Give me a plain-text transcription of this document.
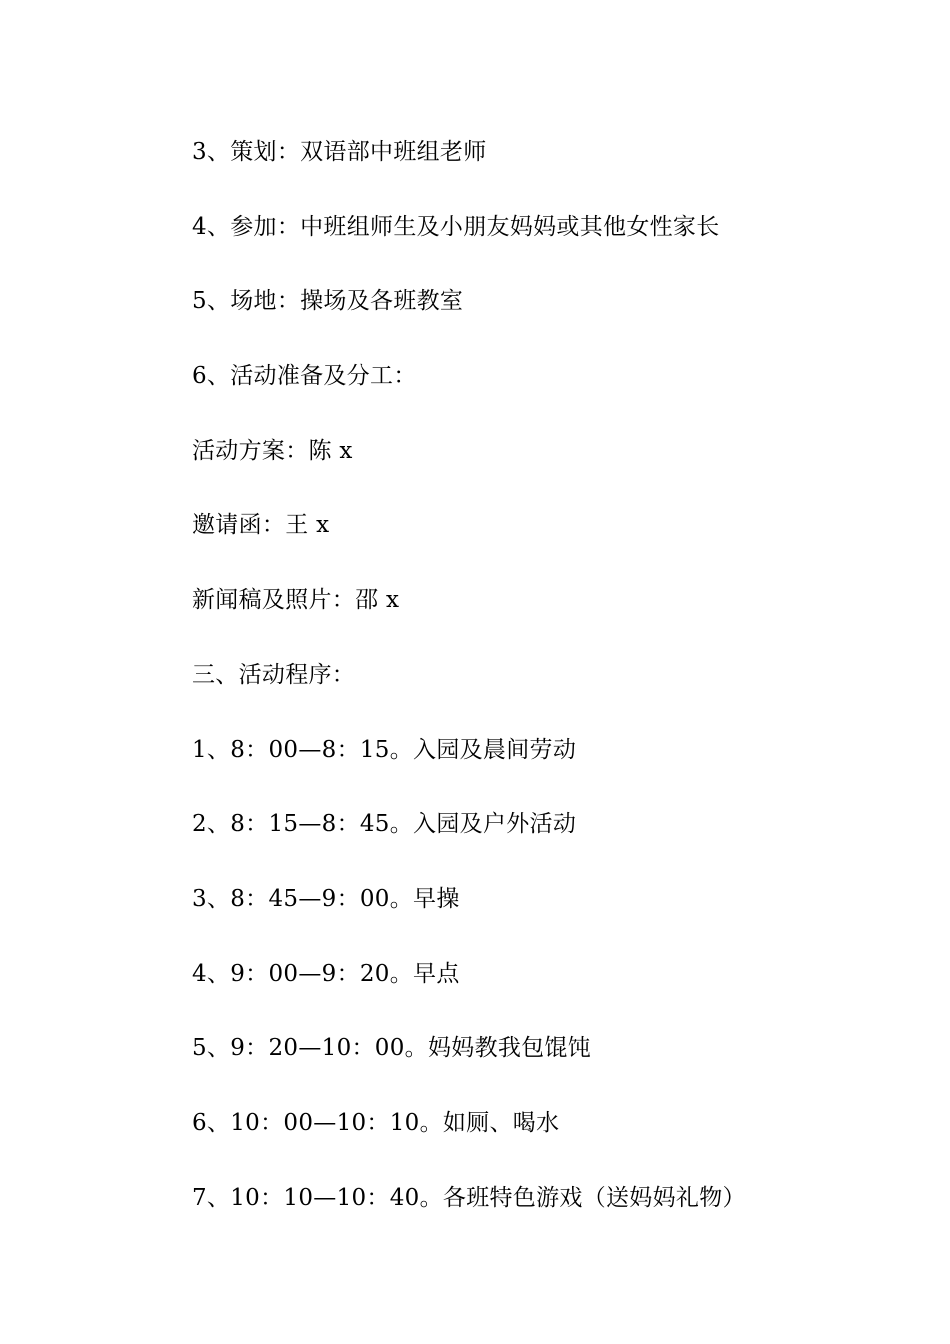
3、策划：双语部中班组老师
4、参加：中班组师生及小朋友妈妈或其他女性家长
5、场地：操场及各班教室
6、活动准备及分工：
活动方案：陈 x
邀请函：王 x
新闻稿及照片：邵 x
三、活动程序：
1、8：00—8：15。入园及晨间劳动
2、8：15—8：45。入园及户外活动
3、8：45—9：00。早操
4、9：00—9：20。早点
5、9：20—10：00。妈妈教我包馄饨
6、10：00—10：10。如厕、喝水
7、10：10—10：40。各班特色游戏（送妈妈礼物）
